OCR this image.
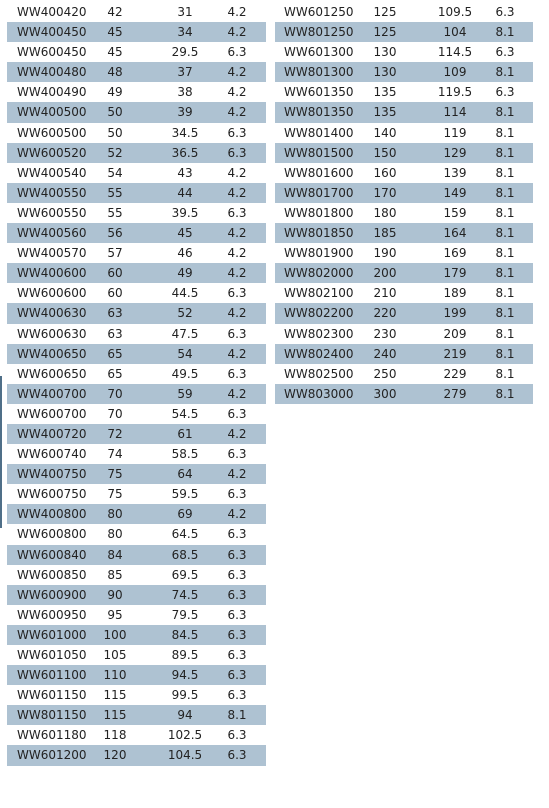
WW400420	42	31	4.2
WW400450	45	34	4.2
WW600450	45	29.5	6.3
WW400480	48	37	4.2
WW400490	49	38	4.2
WW400500	50	39	4.2
WW600500	50	34.5	6.3
WW600520	52	36.5	6.3
WW400540	54	43	4.2
WW400550	55	44	4.2
WW600550	55	39.5	6.3
WW400560	56	45	4.2
WW400570	57	46	4.2
WW400600	60	49	4.2
WW600600	60	44.5	6.3
WW400630	63	52	4.2
WW600630	63	47.5	6.3
WW400650	65	54	4.2
WW600650	65	49.5	6.3
WW400700	70	59	4.2
WW600700	70	54.5	6.3
WW400720	72	61	4.2
WW600740	74	58.5	6.3
WW400750	75	64	4.2
WW600750	75	59.5	6.3
WW400800	80	69	4.2
WW600800	80	64.5	6.3
WW600840	84	68.5	6.3
WW600850	85	69.5	6.3
WW600900	90	74.5	6.3
WW600950	95	79.5	6.3
WW601000	100	84.5	6.3
WW601050	105	89.5	6.3
WW601100	110	94.5	6.3
WW601150	115	99.5	6.3
WW801150	115	94	8.1
WW601180	118	102.5	6.3
WW601200	120	104.5	6.3
WW601250	125	109.5	6.3
WW801250	125	104	8.1
WW601300	130	114.5	6.3
WW801300	130	109	8.1
WW601350	135	119.5	6.3
WW801350	135	114	8.1
WW801400	140	119	8.1
WW801500	150	129	8.1
WW801600	160	139	8.1
WW801700	170	149	8.1
WW801800	180	159	8.1
WW801850	185	164	8.1
WW801900	190	169	8.1
WW802000	200	179	8.1
WW802100	210	189	8.1
WW802200	220	199	8.1
WW802300	230	209	8.1
WW802400	240	219	8.1
WW802500	250	229	8.1
WW803000	300	279	8.1
